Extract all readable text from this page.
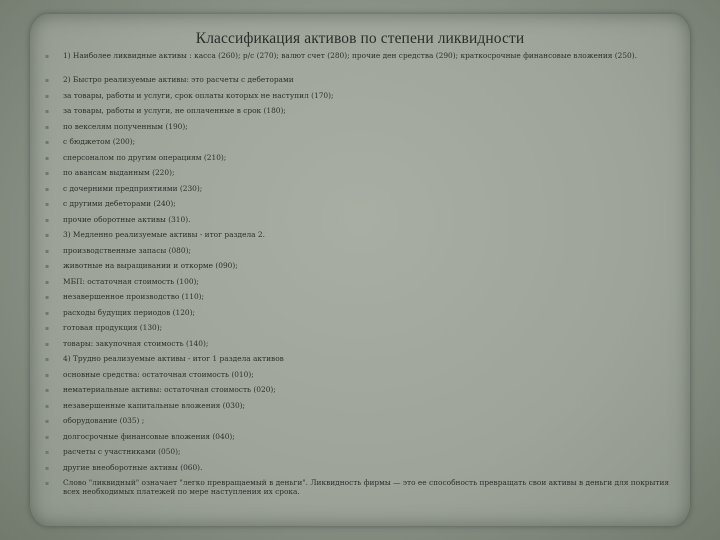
Классификация активов по степени ликвидности
▪ 1) Наиболее ликвидные активы : касса (260); р/с (270); валют счет (280); прочие ден средства (290); краткосрочные финансовые вложения (250).
▪ 2) Быстро реализуемые активы: это расчеты с дебеторами
▪ за товары, работы и услуги, срок оплаты которых не наступил (170);
▪ за товары, работы и услуги, не оплаченные в срок (180);
▪ по векселям полученным (190);
▪ с бюджетом (200);
▪ сперсоналом по другим операциям (210);
▪ по авансам выданным (220);
▪ с дочерними предприятиями (230);
▪ с другими дебеторами (240);
▪ прочие оборотные активы (310).
▪ 3) Медленно реализуемые активы - итог раздела 2.
▪ производственные запасы (080);
▪ животные на выращивании и откорме (090);
▪ МБП: остаточная стоимость (100);
▪ незавершенное производство (110);
▪ расходы будущих периодов (120);
▪ готовая продукция (130);
▪ товары: закупочная стоимость (140);
▪ 4) Трудно реализуемые активы - итог 1 раздела активов
▪ основные средства: остаточная стоимость (010);
▪ нематериальные активы: остаточная стоимость (020);
▪ незавершенные капитальные вложения (030);
▪ оборудование (035) ;
▪ долгосрочные финансовые вложения (040);
▪ расчеты с участниками (050);
▪ другие внеоборотные активы (060).
▪ Слово "ликвидный" означает "легко превращаемый в деньги". Ликвидность фирмы — это ее способность превращать свои активы в деньги для покрытия всех необходимых платежей по мере наступления их срока.
